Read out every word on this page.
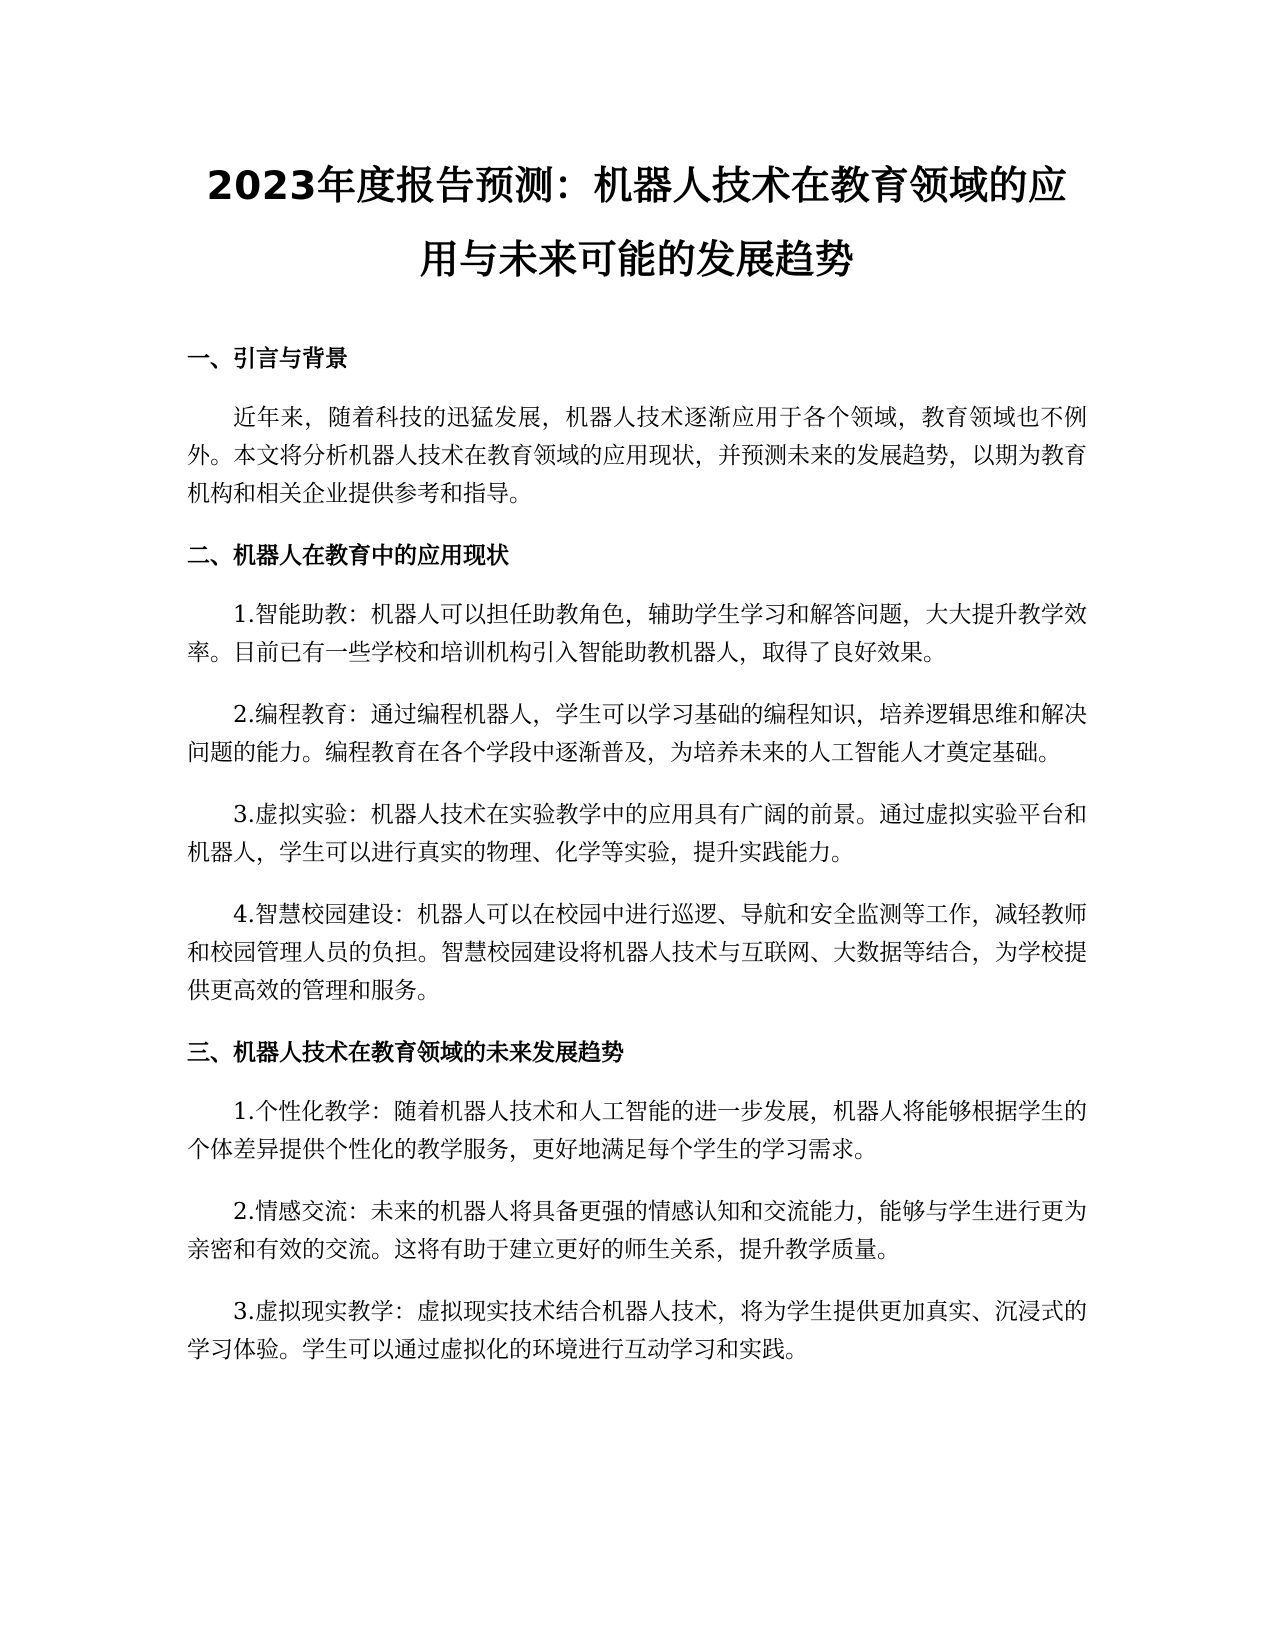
2023年度报告预测：机器人技术在教育领域的应用与未来可能的发展趋势
一、引言与背景

近年来，随着科技的迅猛发展，机器人技术逐渐应用于各个领域，教育领域也不例外。本文将分析机器人技术在教育领域的应用现状，并预测未来的发展趋势，以期为教育机构和相关企业提供参考和指导。

二、机器人在教育中的应用现状

1.智能助教：机器人可以担任助教角色，辅助学生学习和解答问题，大大提升教学效率。目前已有一些学校和培训机构引入智能助教机器人，取得了良好效果。

2.编程教育：通过编程机器人，学生可以学习基础的编程知识，培养逻辑思维和解决问题的能力。编程教育在各个学段中逐渐普及，为培养未来的人工智能人才奠定基础。

3.虚拟实验：机器人技术在实验教学中的应用具有广阔的前景。通过虚拟实验平台和机器人，学生可以进行真实的物理、化学等实验，提升实践能力。

4.智慧校园建设：机器人可以在校园中进行巡逻、导航和安全监测等工作，减轻教师和校园管理人员的负担。智慧校园建设将机器人技术与互联网、大数据等结合，为学校提供更高效的管理和服务。

三、机器人技术在教育领域的未来发展趋势

1.个性化教学：随着机器人技术和人工智能的进一步发展，机器人将能够根据学生的个体差异提供个性化的教学服务，更好地满足每个学生的学习需求。

2.情感交流：未来的机器人将具备更强的情感认知和交流能力，能够与学生进行更为亲密和有效的交流。这将有助于建立更好的师生关系，提升教学质量。

3.虚拟现实教学：虚拟现实技术结合机器人技术，将为学生提供更加真实、沉浸式的学习体验。学生可以通过虚拟化的环境进行互动学习和实践。
